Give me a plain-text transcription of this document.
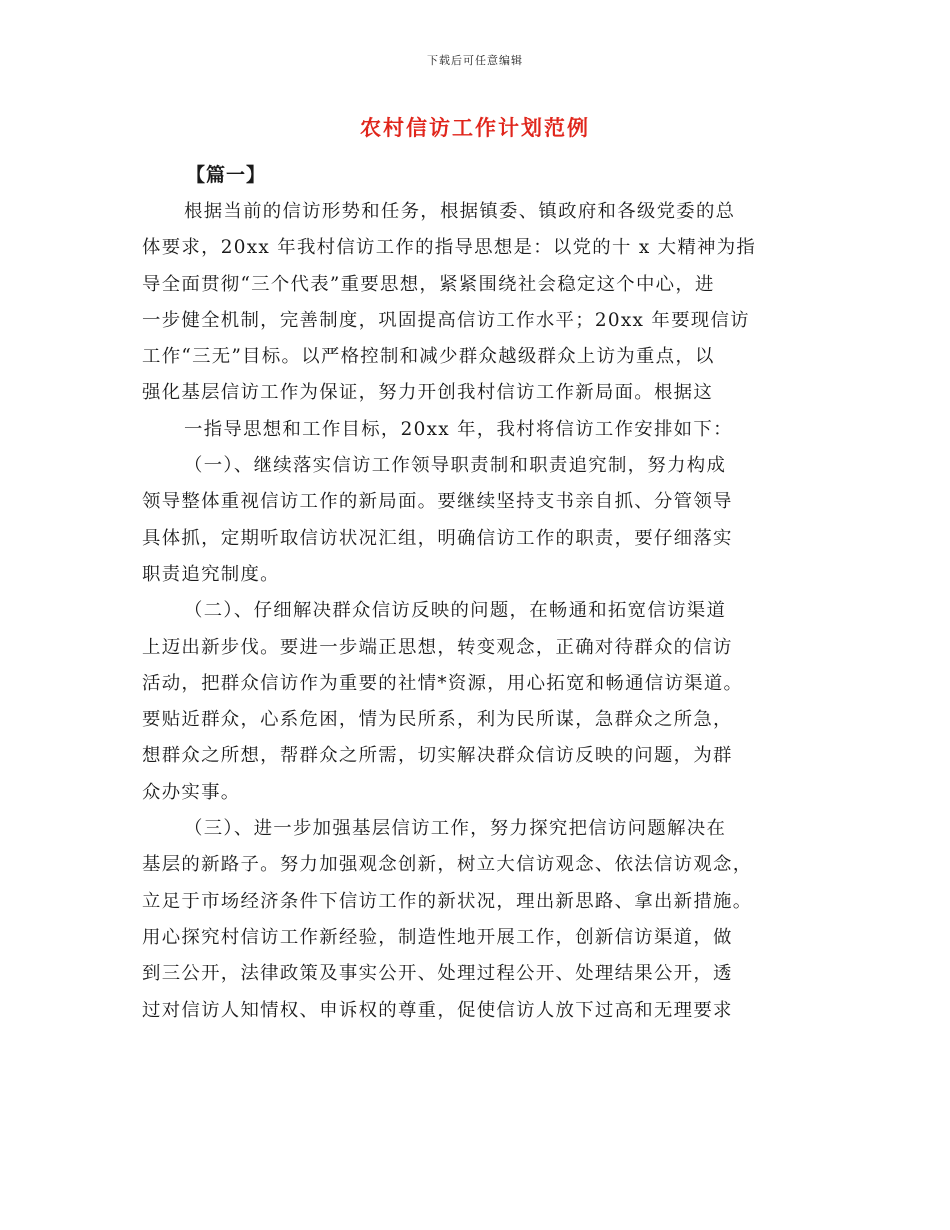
下载后可任意编辑
农村信访工作计划范例
【篇一】
根据当前的信访形势和任务，根据镇委、镇政府和各级党委的总
体要求，20xx 年我村信访工作的指导思想是：以党的十 x 大精神为指
导全面贯彻“三个代表”重要思想，紧紧围绕社会稳定这个中心，进
一步健全机制，完善制度，巩固提高信访工作水平；20xx 年要现信访
工作“三无”目标。以严格控制和减少群众越级群众上访为重点，以
强化基层信访工作为保证，努力开创我村信访工作新局面。根据这
一指导思想和工作目标，20xx 年，我村将信访工作安排如下：
（一）、继续落实信访工作领导职责制和职责追究制，努力构成
领导整体重视信访工作的新局面。要继续坚持支书亲自抓、分管领导
具体抓，定期听取信访状况汇组，明确信访工作的职责，要仔细落实
职责追究制度。
（二）、仔细解决群众信访反映的问题，在畅通和拓宽信访渠道
上迈出新步伐。要进一步端正思想，转变观念，正确对待群众的信访
活动，把群众信访作为重要的社情*资源，用心拓宽和畅通信访渠道。
要贴近群众，心系危困，情为民所系，利为民所谋，急群众之所急，
想群众之所想，帮群众之所需，切实解决群众信访反映的问题，为群
众办实事。
（三）、进一步加强基层信访工作，努力探究把信访问题解决在
基层的新路子。努力加强观念创新，树立大信访观念、依法信访观念，
立足于市场经济条件下信访工作的新状况，理出新思路、拿出新措施。
用心探究村信访工作新经验，制造性地开展工作，创新信访渠道，做
到三公开，法律政策及事实公开、处理过程公开、处理结果公开，透
过对信访人知情权、申诉权的尊重，促使信访人放下过高和无理要求
